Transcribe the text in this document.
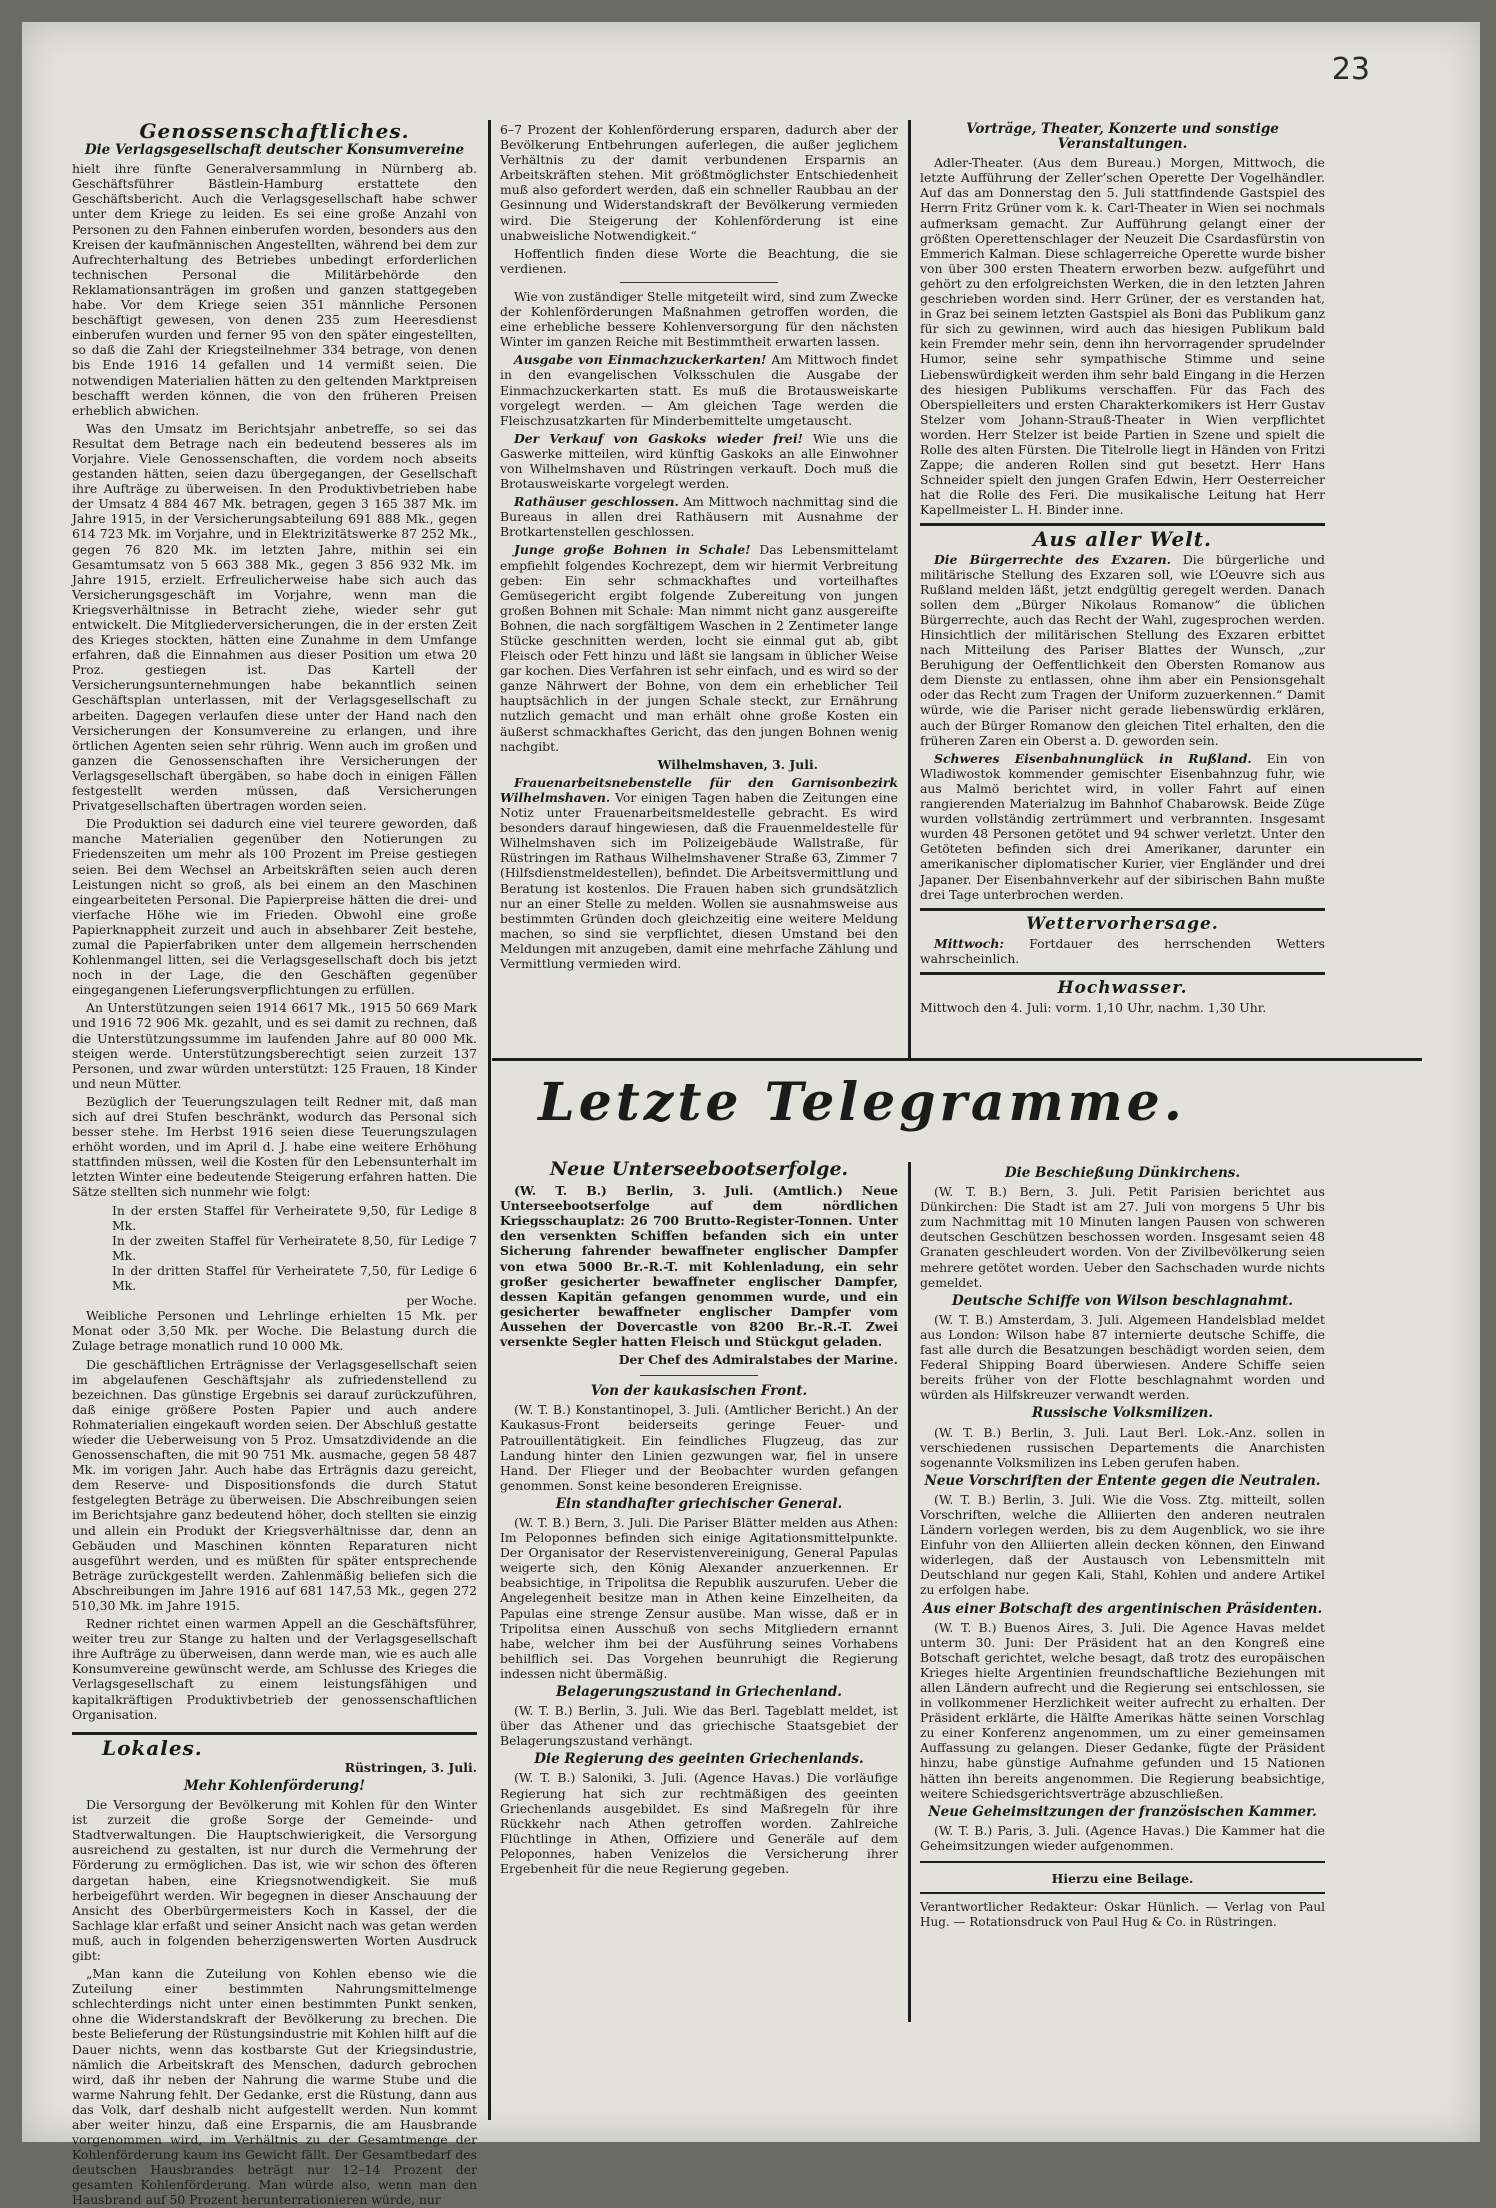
23
Genossenschaftliches.
Die Verlagsgesellschaft deutscher Konsumvereine

hielt ihre fünfte Generalversammlung in Nürnberg ab. Geschäftsführer Bästlein-Hamburg erstattete den Geschäftsbericht. Auch die Verlagsgesellschaft habe schwer unter dem Kriege zu leiden. Es sei eine große Anzahl von Personen zu den Fahnen einberufen worden, besonders aus den Kreisen der kaufmännischen Angestellten, während bei dem zur Aufrechterhaltung des Betriebes unbedingt erforderlichen technischen Personal die Militärbehörde den Reklamationsanträgen im großen und ganzen stattgegeben habe. Vor dem Kriege seien 351 männliche Personen beschäftigt gewesen, von denen 235 zum Heeresdienst einberufen wurden und ferner 95 von den später eingestellten, so daß die Zahl der Kriegsteilnehmer 334 betrage, von denen bis Ende 1916 14 gefallen und 14 vermißt seien. Die notwendigen Materialien hätten zu den geltenden Marktpreisen beschafft werden können, die von den früheren Preisen erheblich abwichen.

Was den Umsatz im Berichtsjahr anbetreffe, so sei das Resultat dem Betrage nach ein bedeutend besseres als im Vorjahre. Viele Genossenschaften, die vordem noch abseits gestanden hätten, seien dazu übergegangen, der Gesellschaft ihre Aufträge zu überweisen. In den Produktivbetrieben habe der Umsatz 4 884 467 Mk. betragen, gegen 3 165 387 Mk. im Jahre 1915, in der Versicherungsabteilung 691 888 Mk., gegen 614 723 Mk. im Vorjahre, und in Elektrizitätswerke 87 252 Mk., gegen 76 820 Mk. im letzten Jahre, mithin sei ein Gesamtumsatz von 5 663 388 Mk., gegen 3 856 932 Mk. im Jahre 1915, erzielt. Erfreulicherweise habe sich auch das Versicherungsgeschäft im Vorjahre, wenn man die Kriegsverhältnisse in Betracht ziehe, wieder sehr gut entwickelt. Die Mitgliederversicherungen, die in der ersten Zeit des Krieges stockten, hätten eine Zunahme in dem Umfange erfahren, daß die Einnahmen aus dieser Position um etwa 20 Proz. gestiegen ist. Das Kartell der Versicherungsunternehmungen habe bekanntlich seinen Geschäftsplan unterlassen, mit der Verlagsgesellschaft zu arbeiten. Dagegen verlaufen diese unter der Hand nach den Versicherungen der Konsumvereine zu erlangen, und ihre örtlichen Agenten seien sehr rührig. Wenn auch im großen und ganzen die Genossenschaften ihre Versicherungen der Verlagsgesellschaft übergäben, so habe doch in einigen Fällen festgestellt werden müssen, daß Versicherungen Privatgesellschaften übertragen worden seien.

Die Produktion sei dadurch eine viel teurere geworden, daß manche Materialien gegenüber den Notierungen zu Friedenszeiten um mehr als 100 Prozent im Preise gestiegen seien. Bei dem Wechsel an Arbeitskräften seien auch deren Leistungen nicht so groß, als bei einem an den Maschinen eingearbeiteten Personal. Die Papierpreise hätten die drei- und vierfache Höhe wie im Frieden. Obwohl eine große Papierknappheit zurzeit und auch in absehbarer Zeit bestehe, zumal die Papierfabriken unter dem allgemein herrschenden Kohlenmangel litten, sei die Verlagsgesellschaft doch bis jetzt noch in der Lage, die den Geschäften gegenüber eingegangenen Lieferungsverpflichtungen zu erfüllen.

An Unterstützungen seien 1914 6617 Mk., 1915 50 669 Mark und 1916 72 906 Mk. gezahlt, und es sei damit zu rechnen, daß die Unterstützungssumme im laufenden Jahre auf 80 000 Mk. steigen werde. Unterstützungsberechtigt seien zurzeit 137 Personen, und zwar würden unterstützt: 125 Frauen, 18 Kinder und neun Mütter.

Bezüglich der Teuerungszulagen teilt Redner mit, daß man sich auf drei Stufen beschränkt, wodurch das Personal sich besser stehe. Im Herbst 1916 seien diese Teuerungszulagen erhöht worden, und im April d. J. habe eine weitere Erhöhung stattfinden müssen, weil die Kosten für den Lebensunterhalt im letzten Winter eine bedeutende Steigerung erfahren hatten. Die Sätze stellten sich nunmehr wie folgt:

In der ersten Staffel für Verheiratete 9,50, für Ledige 8 Mk.

In der zweiten Staffel für Verheiratete 8,50, für Ledige 7 Mk.

In der dritten Staffel für Verheiratete 7,50, für Ledige 6 Mk.

per Woche.

Weibliche Personen und Lehrlinge erhielten 15 Mk. per Monat oder 3,50 Mk. per Woche. Die Belastung durch die Zulage betrage monatlich rund 10 000 Mk.

Die geschäftlichen Erträgnisse der Verlagsgesellschaft seien im abgelaufenen Geschäftsjahr als zufriedenstellend zu bezeichnen. Das günstige Ergebnis sei darauf zurückzuführen, daß einige größere Posten Papier und auch andere Rohmaterialien eingekauft worden seien. Der Abschluß gestatte wieder die Ueberweisung von 5 Proz. Umsatzdividende an die Genossenschaften, die mit 90 751 Mk. ausmache, gegen 58 487 Mk. im vorigen Jahr. Auch habe das Erträgnis dazu gereicht, dem Reserve- und Dispositionsfonds die durch Statut festgelegten Beträge zu überweisen. Die Abschreibungen seien im Berichtsjahre ganz bedeutend höher, doch stellten sie einzig und allein ein Produkt der Kriegsverhältnisse dar, denn an Gebäuden und Maschinen könnten Reparaturen nicht ausgeführt werden, und es müßten für später entsprechende Beträge zurückgestellt werden. Zahlenmäßig beliefen sich die Abschreibungen im Jahre 1916 auf 681 147,53 Mk., gegen 272 510,30 Mk. im Jahre 1915.

Redner richtet einen warmen Appell an die Geschäftsführer, weiter treu zur Stange zu halten und der Verlagsgesellschaft ihre Aufträge zu überweisen, dann werde man, wie es auch alle Konsumvereine gewünscht werde, am Schlusse des Krieges die Verlagsgesellschaft zu einem leistungsfähigen und kapitalkräftigen Produktivbetrieb der genossenschaftlichen Organisation.

Lokales.

Rüstringen, 3. Juli.

Mehr Kohlenförderung!

Die Versorgung der Bevölkerung mit Kohlen für den Winter ist zurzeit die große Sorge der Gemeinde- und Stadtverwaltungen. Die Hauptschwierigkeit, die Versorgung ausreichend zu gestalten, ist nur durch die Vermehrung der Förderung zu ermöglichen. Das ist, wie wir schon des öfteren dargetan haben, eine Kriegsnotwendigkeit. Sie muß herbeigeführt werden. Wir begegnen in dieser Anschauung der Ansicht des Oberbürgermeisters Koch in Kassel, der die Sachlage klar erfaßt und seiner Ansicht nach was getan werden muß, auch in folgenden beherzigenswerten Worten Ausdruck gibt:

„Man kann die Zuteilung von Kohlen ebenso wie die Zuteilung einer bestimmten Nahrungsmittelmenge schlechterdings nicht unter einen bestimmten Punkt senken, ohne die Widerstandskraft der Bevölkerung zu brechen. Die beste Belieferung der Rüstungsindustrie mit Kohlen hilft auf die Dauer nichts, wenn das kostbarste Gut der Kriegsindustrie, nämlich die Arbeitskraft des Menschen, dadurch gebrochen wird, daß ihr neben der Nahrung die warme Stube und die warme Nahrung fehlt. Der Gedanke, erst die Rüstung, dann aus das Volk, darf deshalb nicht aufgestellt werden. Nun kommt aber weiter hinzu, daß eine Ersparnis, die am Hausbrande vorgenommen wird, im Verhältnis zu der Gesamtmenge der Kohlenförderung kaum ins Gewicht fällt. Der Gesamtbedarf des deutschen Hausbrandes beträgt nur 12–14 Prozent der gesamten Kohlenförderung. Man würde also, wenn man den Hausbrand auf 50 Prozent herunterrationieren würde, nur

6–7 Prozent der Kohlenförderung ersparen, dadurch aber der Bevölkerung Entbehrungen auferlegen, die außer jeglichem Verhältnis zu der damit verbundenen Ersparnis an Arbeitskräften stehen. Mit größtmöglichster Entschiedenheit muß also gefordert werden, daß ein schneller Raubbau an der Gesinnung und Widerstandskraft der Bevölkerung vermieden wird. Die Steigerung der Kohlenförderung ist eine unabweisliche Notwendigkeit.“

Hoffentlich finden diese Worte die Beachtung, die sie verdienen.

Wie von zuständiger Stelle mitgeteilt wird, sind zum Zwecke der Kohlenförderungen Maßnahmen getroffen worden, die eine erhebliche bessere Kohlenversorgung für den nächsten Winter im ganzen Reiche mit Bestimmtheit erwarten lassen.

Ausgabe von Einmachzuckerkarten! Am Mittwoch findet in den evangelischen Volksschulen die Ausgabe der Einmachzuckerkarten statt. Es muß die Brotausweiskarte vorgelegt werden. — Am gleichen Tage werden die Fleischzusatzkarten für Minderbemittelte umgetauscht.

Der Verkauf von Gaskoks wieder frei! Wie uns die Gaswerke mitteilen, wird künftig Gaskoks an alle Einwohner von Wilhelmshaven und Rüstringen verkauft. Doch muß die Brotausweiskarte vorgelegt werden.

Rathäuser geschlossen. Am Mittwoch nachmittag sind die Bureaus in allen drei Rathäusern mit Ausnahme der Brotkartenstellen geschlossen.

Junge große Bohnen in Schale! Das Lebensmittelamt empfiehlt folgendes Kochrezept, dem wir hiermit Verbreitung geben: Ein sehr schmackhaftes und vorteilhaftes Gemüsegericht ergibt folgende Zubereitung von jungen großen Bohnen mit Schale: Man nimmt nicht ganz ausgereifte Bohnen, die nach sorgfältigem Waschen in 2 Zentimeter lange Stücke geschnitten werden, locht sie einmal gut ab, gibt Fleisch oder Fett hinzu und läßt sie langsam in üblicher Weise gar kochen. Dies Verfahren ist sehr einfach, und es wird so der ganze Nährwert der Bohne, von dem ein erheblicher Teil hauptsächlich in der jungen Schale steckt, zur Ernährung nutzlich gemacht und man erhält ohne große Kosten ein äußerst schmackhaftes Gericht, das den jungen Bohnen wenig nachgibt.

Wilhelmshaven, 3. Juli.

Frauenarbeitsnebenstelle für den Garnisonbezirk Wilhelmshaven. Vor einigen Tagen haben die Zeitungen eine Notiz unter Frauenarbeitsmeldestelle gebracht. Es wird besonders darauf hingewiesen, daß die Frauenmeldestelle für Wilhelmshaven sich im Polizeigebäude Wallstraße, für Rüstringen im Rathaus Wilhelmshavener Straße 63, Zimmer 7 (Hilfsdienstmeldestellen), befindet. Die Arbeitsvermittlung und Beratung ist kostenlos. Die Frauen haben sich grundsätzlich nur an einer Stelle zu melden. Wollen sie ausnahmsweise aus bestimmten Gründen doch gleichzeitig eine weitere Meldung machen, so sind sie verpflichtet, diesen Umstand bei den Meldungen mit anzugeben, damit eine mehrfache Zählung und Vermittlung vermieden wird.

Vorträge, Theater, Konzerte und sonstige Veranstaltungen.

Adler-Theater. (Aus dem Bureau.) Morgen, Mittwoch, die letzte Aufführung der Zeller’schen Operette Der Vogelhändler. Auf das am Donnerstag den 5. Juli stattfindende Gastspiel des Herrn Fritz Grüner vom k. k. Carl-Theater in Wien sei nochmals aufmerksam gemacht. Zur Aufführung gelangt einer der größten Operettenschlager der Neuzeit Die Csardasfürstin von Emmerich Kalman. Diese schlagerreiche Operette wurde bisher von über 300 ersten Theatern erworben bezw. aufgeführt und gehört zu den erfolgreichsten Werken, die in den letzten Jahren geschrieben worden sind. Herr Grüner, der es verstanden hat, in Graz bei seinem letzten Gastspiel als Boni das Publikum ganz für sich zu gewinnen, wird auch das hiesigen Publikum bald kein Fremder mehr sein, denn ihn hervorragender sprudelnder Humor, seine sehr sympathische Stimme und seine Liebenswürdigkeit werden ihm sehr bald Eingang in die Herzen des hiesigen Publikums verschaffen. Für das Fach des Oberspielleiters und ersten Charakterkomikers ist Herr Gustav Stelzer vom Johann-Strauß-Theater in Wien verpflichtet worden. Herr Stelzer ist beide Partien in Szene und spielt die Rolle des alten Fürsten. Die Titelrolle liegt in Händen von Fritzi Zappe; die anderen Rollen sind gut besetzt. Herr Hans Schneider spielt den jungen Grafen Edwin, Herr Oesterreicher hat die Rolle des Feri. Die musikalische Leitung hat Herr Kapellmeister L. H. Binder inne.

Aus aller Welt.

Die Bürgerrechte des Exzaren. Die bürgerliche und militärische Stellung des Exzaren soll, wie L’Oeuvre sich aus Rußland melden läßt, jetzt endgültig geregelt werden. Danach sollen dem „Bürger Nikolaus Romanow“ die üblichen Bürgerrechte, auch das Recht der Wahl, zugesprochen werden. Hinsichtlich der militärischen Stellung des Exzaren erbittet nach Mitteilung des Pariser Blattes der Wunsch, „zur Beruhigung der Oeffentlichkeit den Obersten Romanow aus dem Dienste zu entlassen, ohne ihm aber ein Pensionsgehalt oder das Recht zum Tragen der Uniform zuzuerkennen.“ Damit würde, wie die Pariser nicht gerade liebenswürdig erklären, auch der Bürger Romanow den gleichen Titel erhalten, den die früheren Zaren ein Oberst a. D. geworden sein.

Schweres Eisenbahnunglück in Rußland. Ein von Wladiwostok kommender gemischter Eisenbahnzug fuhr, wie aus Malmö berichtet wird, in voller Fahrt auf einen rangierenden Materialzug im Bahnhof Chabarowsk. Beide Züge wurden vollständig zertrümmert und verbrannten. Insgesamt wurden 48 Personen getötet und 94 schwer verletzt. Unter den Getöteten befinden sich drei Amerikaner, darunter ein amerikanischer diplomatischer Kurier, vier Engländer und drei Japaner. Der Eisenbahnverkehr auf der sibirischen Bahn mußte drei Tage unterbrochen werden.

Wettervorhersage.

Mittwoch: Fortdauer des herrschenden Wetters wahrscheinlich.

Hochwasser.

Mittwoch den 4. Juli: vorm. 1,10 Uhr, nachm. 1,30 Uhr.

Letzte Telegramme.
Neue Unterseebootserfolge.

(W. T. B.) Berlin, 3. Juli. (Amtlich.) Neue Unterseebootserfolge auf dem nördlichen Kriegsschauplatz: 26 700 Brutto-Register-Tonnen. Unter den versenkten Schiffen befanden sich ein unter Sicherung fahrender bewaffneter englischer Dampfer von etwa 5000 Br.-R.-T. mit Kohlenladung, ein sehr großer gesicherter bewaffneter englischer Dampfer, dessen Kapitän gefangen genommen wurde, und ein gesicherter bewaffneter englischer Dampfer vom Aussehen der Dovercastle von 8200 Br.-R.-T. Zwei versenkte Segler hatten Fleisch und Stückgut geladen.

Der Chef des Admiralstabes der Marine.

Von der kaukasischen Front.

(W. T. B.) Konstantinopel, 3. Juli. (Amtlicher Bericht.) An der Kaukasus-Front beiderseits geringe Feuer- und Patrouillentätigkeit. Ein feindliches Flugzeug, das zur Landung hinter den Linien gezwungen war, fiel in unsere Hand. Der Flieger und der Beobachter wurden gefangen genommen. Sonst keine besonderen Ereignisse.

Ein standhafter griechischer General.

(W. T. B.) Bern, 3. Juli. Die Pariser Blätter melden aus Athen: Im Peloponnes befinden sich einige Agitationsmittelpunkte. Der Organisator der Reservistenvereinigung, General Papulas weigerte sich, den König Alexander anzuerkennen. Er beabsichtige, in Tripolitsa die Republik auszurufen. Ueber die Angelegenheit besitze man in Athen keine Einzelheiten, da Papulas eine strenge Zensur ausübe. Man wisse, daß er in Tripolitsa einen Ausschuß von sechs Mitgliedern ernannt habe, welcher ihm bei der Ausführung seines Vorhabens behilflich sei. Das Vorgehen beunruhigt die Regierung indessen nicht übermäßig.

Belagerungszustand in Griechenland.

(W. T. B.) Berlin, 3. Juli. Wie das Berl. Tageblatt meldet, ist über das Athener und das griechische Staatsgebiet der Belagerungszustand verhängt.

Die Regierung des geeinten Griechenlands.

(W. T. B.) Saloniki, 3. Juli. (Agence Havas.) Die vorläufige Regierung hat sich zur rechtmäßigen des geeinten Griechenlands ausgebildet. Es sind Maßregeln für ihre Rückkehr nach Athen getroffen worden. Zahlreiche Flüchtlinge in Athen, Offiziere und Generäle auf dem Peloponnes, haben Venizelos die Versicherung ihrer Ergebenheit für die neue Regierung gegeben.

Die Beschießung Dünkirchens.

(W. T. B.) Bern, 3. Juli. Petit Parisien berichtet aus Dünkirchen: Die Stadt ist am 27. Juli von morgens 5 Uhr bis zum Nachmittag mit 10 Minuten langen Pausen von schweren deutschen Geschützen beschossen worden. Insgesamt seien 48 Granaten geschleudert worden. Von der Zivilbevölkerung seien mehrere getötet worden. Ueber den Sachschaden wurde nichts gemeldet.

Deutsche Schiffe von Wilson beschlagnahmt.

(W. T. B.) Amsterdam, 3. Juli. Algemeen Handelsblad meldet aus London: Wilson habe 87 internierte deutsche Schiffe, die fast alle durch die Besatzungen beschädigt worden seien, dem Federal Shipping Board überwiesen. Andere Schiffe seien bereits früher von der Flotte beschlagnahmt worden und würden als Hilfskreuzer verwandt werden.

Russische Volksmilizen.

(W. T. B.) Berlin, 3. Juli. Laut Berl. Lok.-Anz. sollen in verschiedenen russischen Departements die Anarchisten sogenannte Volksmilizen ins Leben gerufen haben.

Neue Vorschriften der Entente gegen die Neutralen.

(W. T. B.) Berlin, 3. Juli. Wie die Voss. Ztg. mitteilt, sollen Vorschriften, welche die Alliierten den anderen neutralen Ländern vorlegen werden, bis zu dem Augenblick, wo sie ihre Einfuhr von den Alliierten allein decken können, den Einwand widerlegen, daß der Austausch von Lebensmitteln mit Deutschland nur gegen Kali, Stahl, Kohlen und andere Artikel zu erfolgen habe.

Aus einer Botschaft des argentinischen Präsidenten.

(W. T. B.) Buenos Aires, 3. Juli. Die Agence Havas meldet unterm 30. Juni: Der Präsident hat an den Kongreß eine Botschaft gerichtet, welche besagt, daß trotz des europäischen Krieges hielte Argentinien freundschaftliche Beziehungen mit allen Ländern aufrecht und die Regierung sei entschlossen, sie in vollkommener Herzlichkeit weiter aufrecht zu erhalten. Der Präsident erklärte, die Hälfte Amerikas hätte seinen Vorschlag zu einer Konferenz angenommen, um zu einer gemeinsamen Auffassung zu gelangen. Dieser Gedanke, fügte der Präsident hinzu, habe günstige Aufnahme gefunden und 15 Nationen hätten ihn bereits angenommen. Die Regierung beabsichtige, weitere Schiedsgerichtsverträge abzuschließen.

Neue Geheimsitzungen der französischen Kammer.

(W. T. B.) Paris, 3. Juli. (Agence Havas.) Die Kammer hat die Geheimsitzungen wieder aufgenommen.

Hierzu eine Beilage.

Verantwortlicher Redakteur: Oskar Hünlich. — Verlag von Paul Hug. — Rotationsdruck von Paul Hug & Co. in Rüstringen.
